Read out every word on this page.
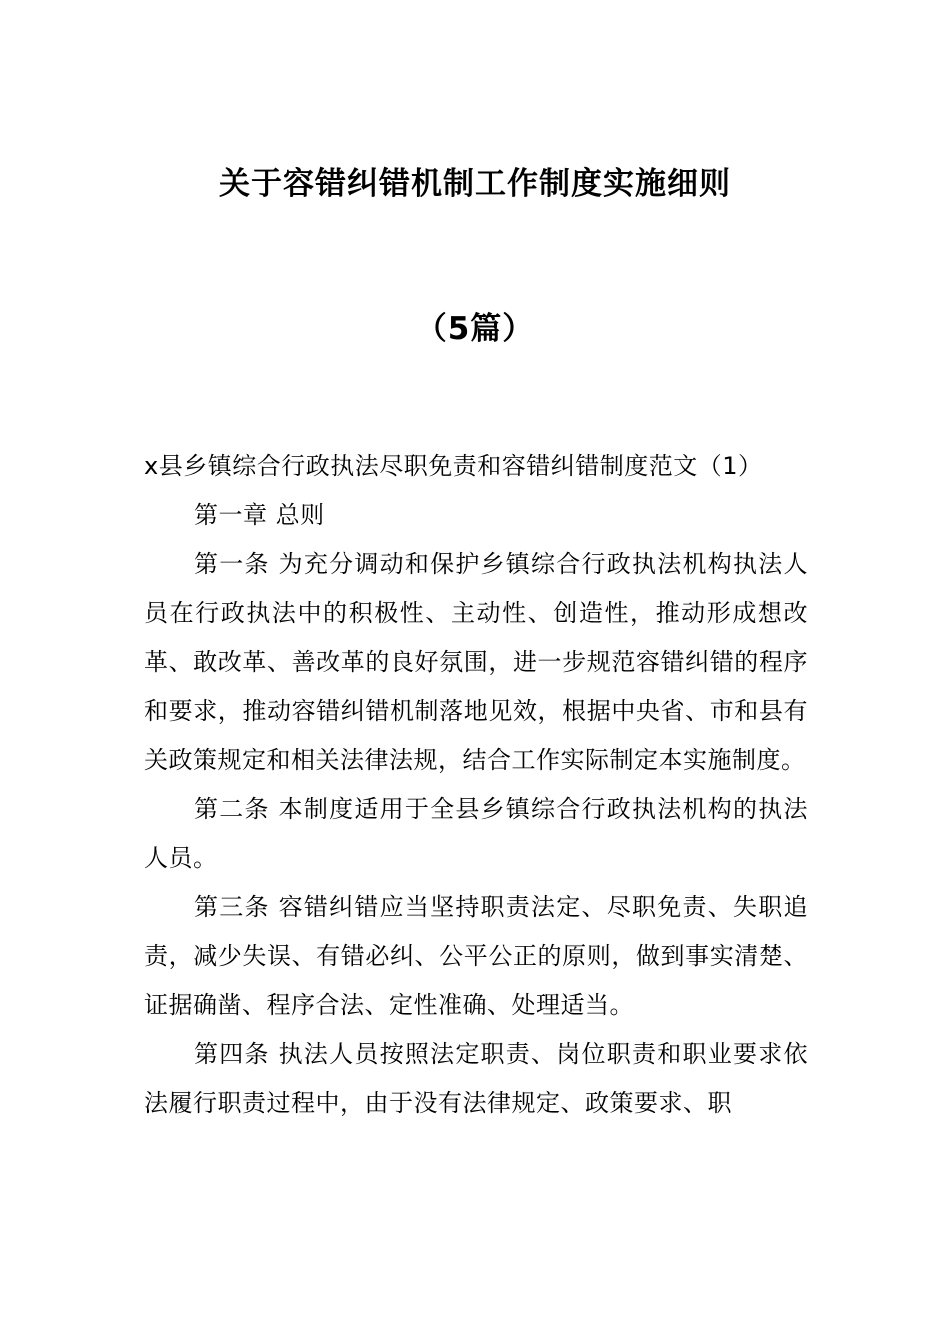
关于容错纠错机制工作制度实施细则
（5篇）

x县乡镇综合行政执法尽职免责和容错纠错制度范文（1）

第一章 总则

第一条 为充分调动和保护乡镇综合行政执法机构执法人员在行政执法中的积极性、主动性、创造性，推动形成想改革、敢改革、善改革的良好氛围，进一步规范容错纠错的程序和要求，推动容错纠错机制落地见效，根据中央省、市和县有关政策规定和相关法律法规，结合工作实际制定本实施制度。

第二条 本制度适用于全县乡镇综合行政执法机构的执法人员。

第三条 容错纠错应当坚持职责法定、尽职免责、失职追责，减少失误、有错必纠、公平公正的原则，做到事实清楚、证据确凿、程序合法、定性准确、处理适当。

第四条 执法人员按照法定职责、岗位职责和职业要求依法履行职责过程中，由于没有法律规定、政策要求、职
